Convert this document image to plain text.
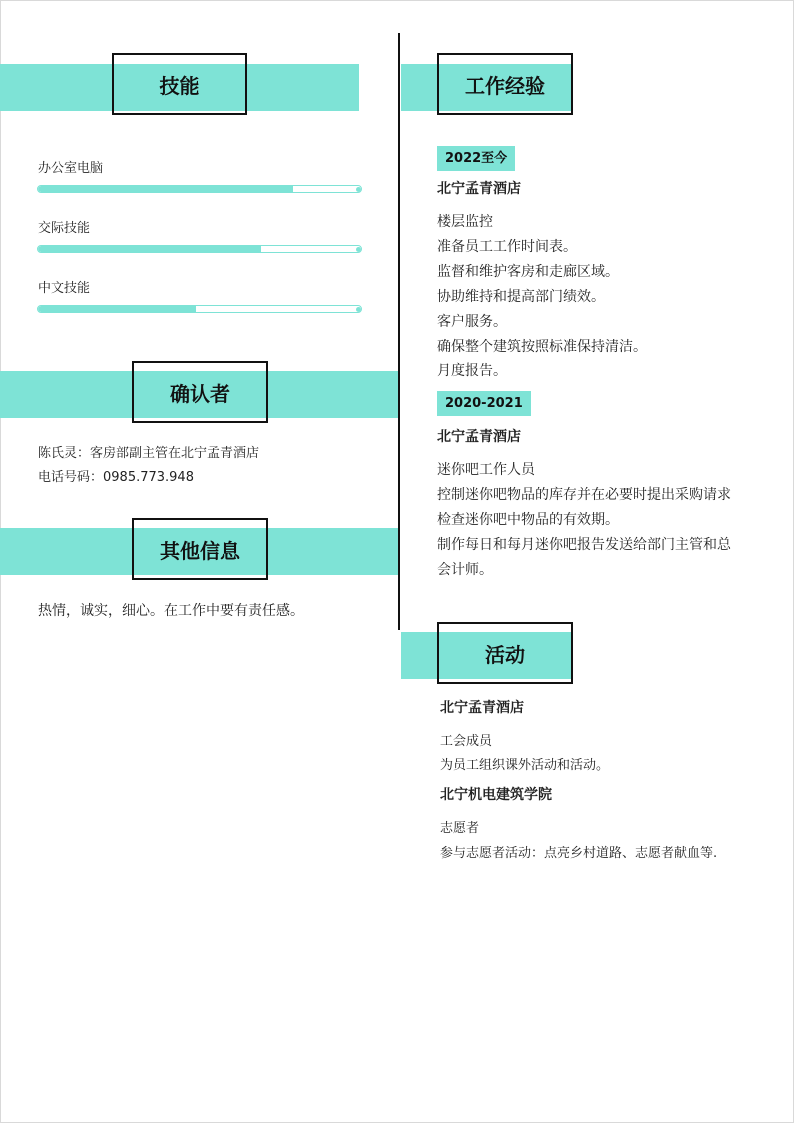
技能
办公室电脑
交际技能
中文技能
确认者
陈氏灵：客房部副主管在北宁孟青酒店
电话号码：0985.773.948
其他信息
热情，诚实，细心。在工作中要有责任感。
工作经验
2022至今
北宁孟青酒店
楼层监控
准备员工工作时间表。
监督和维护客房和走廊区域。
协助维持和提高部门绩效。
客户服务。
确保整个建筑按照标准保持清洁。
月度报告。
2020-2021
北宁孟青酒店
迷你吧工作人员
控制迷你吧物品的库存并在必要时提出采购请求
检查迷你吧中物品的有效期。
制作每日和每月迷你吧报告发送给部门主管和总
会计师。
活动
北宁孟青酒店
工会成员
为员工组织课外活动和活动。
北宁机电建筑学院
志愿者
参与志愿者活动：点亮乡村道路、志愿者献血等.
